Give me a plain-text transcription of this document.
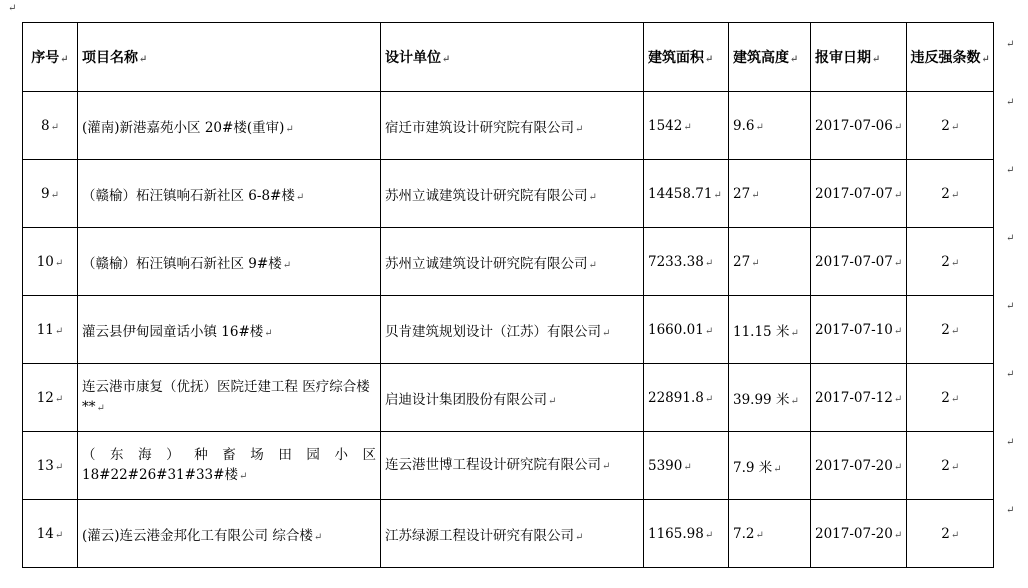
↵
序号↵	项目名称↵	设计单位↵	建筑面积↵	建筑高度↵	报审日期↵	违反强条数↵
8↵	(灌南)新港嘉苑小区 20#楼(重审)↵	宿迁市建筑设计研究院有限公司↵	1542↵	9.6↵	2017-07-06↵	2↵
9↵	（赣榆）柘汪镇响石新社区 6-8#楼↵	苏州立诚建筑设计研究院有限公司↵	14458.71↵	27↵	2017-07-07↵	2↵
10↵	（赣榆）柘汪镇响石新社区 9#楼↵	苏州立诚建筑设计研究院有限公司↵	7233.38↵	27↵	2017-07-07↵	2↵
11↵	灌云县伊甸园童话小镇 16#楼↵	贝肯建筑规划设计（江苏）有限公司↵	1660.01↵	11.15 米↵	2017-07-10↵	2↵
12↵	连云港市康复（优抚）医院迁建工程 医疗综合楼 **↵	启迪设计集团股份有限公司↵	22891.8↵	39.99 米↵	2017-07-12↵	2↵
13↵	（东海）种畜场田园小区 18#22#26#31#33#楼↵	连云港世博工程设计研究院有限公司↵	5390↵	7.9 米↵	2017-07-20↵	2↵
14↵	(灌云)连云港金邦化工有限公司 综合楼↵	江苏绿源工程设计研究有限公司↵	1165.98↵	7.2↵	2017-07-20↵	2↵
↵
↵
↵
↵
↵
↵
↵
↵
